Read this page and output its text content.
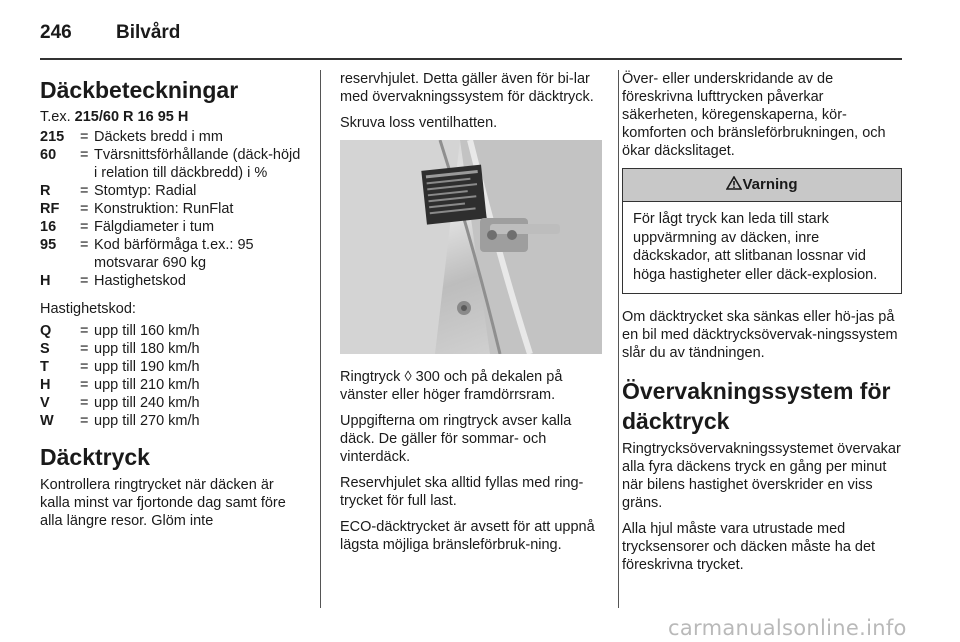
246 Bilvård
Däckbeteckningar

T.ex. 215/60 R 16 95 H

215	= Däckets bredd i mm
60	= Tvärsnittsförhållande (däck-höjd i relation till däckbredd) i %
R	= Stomtyp: Radial
RF	= Konstruktion: RunFlat
16	= Fälgdiameter i tum
95	= Kod bärförmåga t.ex.: 95 motsvarar 690 kg
H	= Hastighetskod

Hastighetskod:

Q	= upp till 160 km/h
S	= upp till 180 km/h
T	= upp till 190 km/h
H	= upp till 210 km/h
V	= upp till 240 km/h
W	= upp till 270 km/h
Däcktryck

Kontrollera ringtrycket när däcken är kalla minst var fjortonde dag samt före alla längre resor. Glöm inte

reservhjulet. Detta gäller även för bi-lar med övervakningssystem för däcktryck.

Skruva loss ventilhatten.

Ringtryck ◊ 300 och på dekalen på vänster eller höger framdörrsram.

Uppgifterna om ringtryck avser kalla däck. De gäller för sommar- och vinterdäck.

Reservhjulet ska alltid fyllas med ring-trycket för full last.

ECO-däcktrycket är avsett för att uppnå lägsta möjliga bränsleförbruk-ning.

Över- eller underskridande av de föreskrivna lufttrycken påverkar säkerheten, köregenskaperna, kör-komforten och bränsleförbrukningen, och ökar däckslitaget.

Varning
För lågt tryck kan leda till stark uppvärmning av däcken, inre däckskador, att slitbanan lossnar vid höga hastigheter eller däck-explosion.

Om däcktrycket ska sänkas eller hö-jas på en bil med däcktrycksövervak-ningssystem slår du av tändningen.

Övervakningssystem för däcktryck

Ringtrycksövervakningssystemet övervakar alla fyra däckens tryck en gång per minut när bilens hastighet överskrider en viss gräns.

Alla hjul måste vara utrustade med trycksensorer och däcken måste ha det föreskrivna trycket.

carmanualsonline.info
